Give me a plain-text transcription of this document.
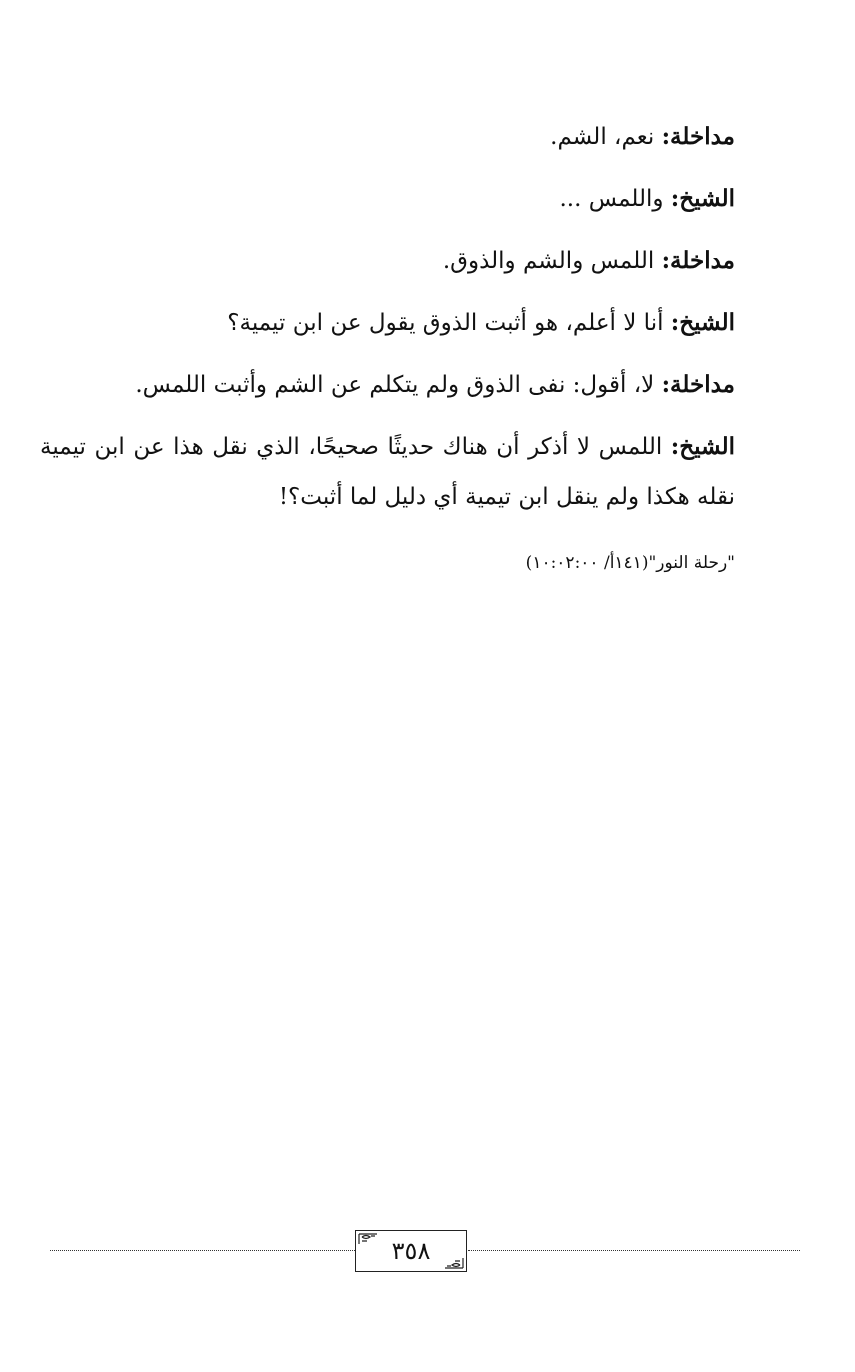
مداخلة: نعم، الشم.

الشيخ: واللمس ...

مداخلة: اللمس والشم والذوق.

الشيخ: أنا لا أعلم، هو أثبت الذوق يقول عن ابن تيمية؟

مداخلة: لا، أقول: نفى الذوق ولم يتكلم عن الشم وأثبت اللمس.

الشيخ: اللمس لا أذكر أن هناك حديثًا صحيحًا، الذي نقل هذا عن ابن تيمية نقله هكذا ولم ينقل ابن تيمية أي دليل لما أثبت؟!

"رحلة النور"(١٤١أ/ ١٠:٠٢:٠٠)
٣٥٨
